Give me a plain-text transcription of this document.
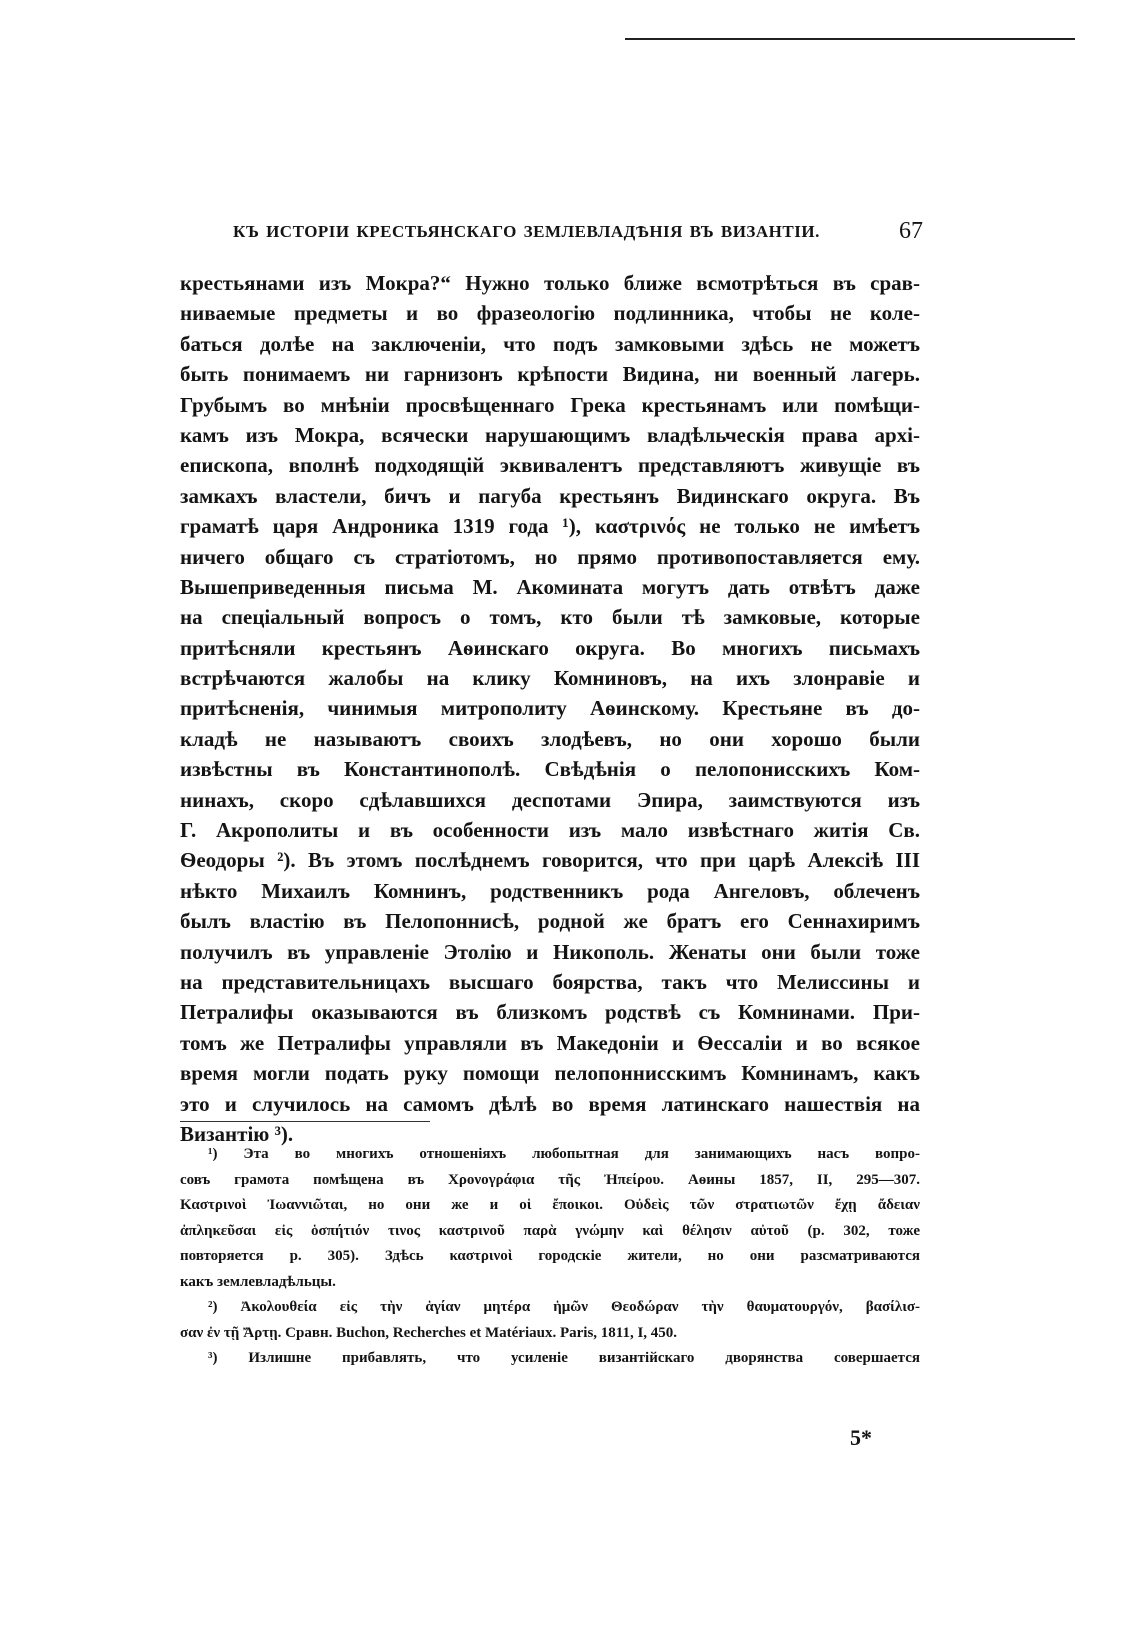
КЪ ИСТОРІИ КРЕСТЬЯНСКАГО ЗЕМЛЕВЛАДѢНІЯ ВЪ ВИЗАНТІИ.	67
крестьянами изъ Мокра?“ Нужно только ближе всмотрѣться въ срав-
ниваемые предметы и во фразеологію подлинника, чтобы не коле-
баться долѣе на заключеніи, что подъ замковыми здѣсь не можетъ
быть понимаемъ ни гарнизонъ крѣпости Видина, ни военный лагерь.
Грубымъ во мнѣніи просвѣщеннаго Грека крестьянамъ или помѣщи-
камъ изъ Мокра, всячески нарушающимъ владѣльческія права архі-
епископа, вполнѣ подходящій эквивалентъ представляютъ живущіе въ
замкахъ властели, бичъ и пагуба крестьянъ Видинскаго округа. Въ
граматѣ царя Андроника 1319 года ¹), καστρινός не только не имѣетъ
ничего общаго съ стратіотомъ, но прямо противопоставляется ему.
Вышеприведенныя письма М. Акомината могутъ дать отвѣтъ даже
на спеціальный вопросъ о томъ, кто были тѣ замковые, которые
притѣсняли крестьянъ Аѳинскаго округа. Во многихъ письмахъ
встрѣчаются жалобы на клику Комниновъ, на ихъ злонравіе и
притѣсненія, чинимыя митрополиту Аѳинскому. Крестьяне въ до-
кладѣ не называютъ своихъ злодѣевъ, но они хорошо были
извѣстны въ Константинополѣ. Свѣдѣнія о пелопонисскихъ Ком-
нинахъ, скоро сдѣлавшихся деспотами Эпира, заимствуются изъ
Г. Акрополиты и въ особенности изъ мало извѣстнаго житія Св.
Ѳеодоры ²). Въ этомъ послѣднемъ говорится, что при царѣ Алексіѣ III
нѣкто Михаилъ Комнинъ, родственникъ рода Ангеловъ, облеченъ
былъ властію въ Пелопоннисѣ, родной же братъ его Сеннахиримъ
получилъ въ управленіе Этолію и Никополь. Женаты они были тоже
на представительницахъ высшаго боярства, такъ что Мелиссины и
Петралифы оказываются въ близкомъ родствѣ съ Комнинами. При-
томъ же Петралифы управляли въ Македоніи и Ѳессаліи и во всякое
время могли подать руку помощи пелопоннисскимъ Комнинамъ, какъ
это и случилось на самомъ дѣлѣ во время латинскаго нашествія на
Византію ³).
¹) Эта во многихъ отношеніяхъ любопытная для занимающихъ насъ вопро-
совъ грамота помѣщена въ Χρονογράφια τῆς Ἠπείρου. Аѳины 1857, II, 295—307.
Καστρινοὶ Ἰωαννιῶται, но они же и οἱ ἔποικοι. Οὐδεὶς τῶν στρατιωτῶν ἔχῃ ἄδειαν
ἀπληκεῦσαι εἰς ὁσπήτιόν τινος καστρινοῦ παρὰ γνώμην καὶ θέλησιν αὐτοῦ (p. 302, тоже
повторяется p. 305). Здѣсь καστρινοὶ городскіе жители, но они разсматриваются
какъ землевладѣльцы.
²) Ἀκολουθεία εἰς τὴν ἁγίαν μητέρα ἡμῶν Θεοδώραν τὴν θαυματουργόν, βασίλισ-
σαν ἐν τῇ Ἄρτῃ. Сравн. Buchon, Recherches et Matériaux. Paris, 1811, I, 450.
³) Излишне прибавлять, что усиленіе византійскаго дворянства совершается
5*
